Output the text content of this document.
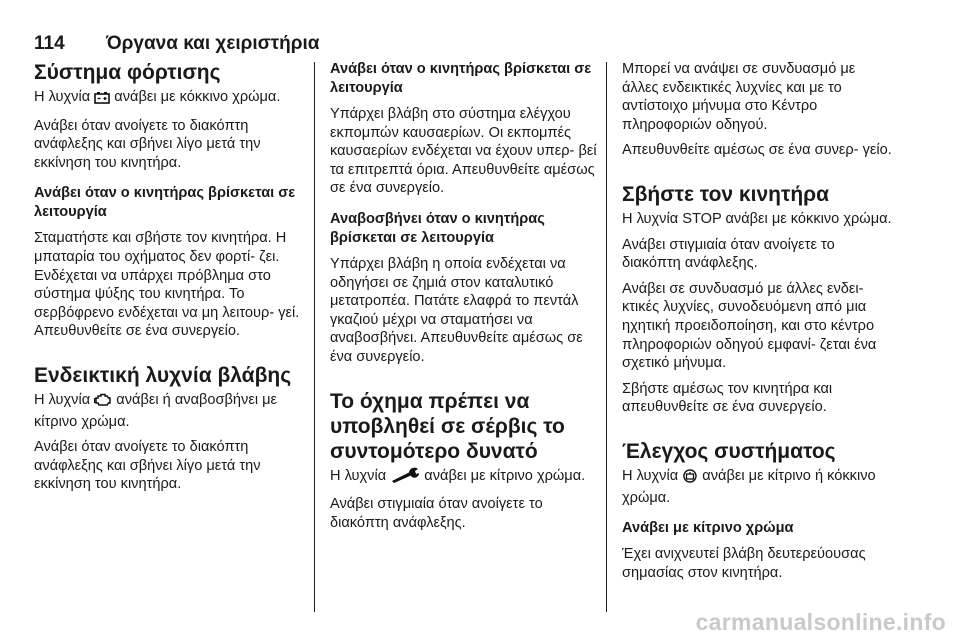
114 Όργανα και χειριστήρια
Σύστημα φόρτισης

Η λυχνία ανάβει με κόκκινο χρώμα.

Ανάβει όταν ανοίγετε το διακόπτη ανάφλεξης και σβήνει λίγο μετά την εκκίνηση του κινητήρα.

Ανάβει όταν ο κινητήρας βρίσκεται σε λειτουργία

Σταματήστε και σβήστε τον κινητήρα. Η μπαταρία του οχήματος δεν φορτί‐ ζει. Ενδέχεται να υπάρχει πρόβλημα στο σύστημα ψύξης του κινητήρα. Το σερβόφρενο ενδέχεται να μη λειτουρ‐ γεί. Απευθυνθείτε σε ένα συνεργείο.

Ενδεικτική λυχνία βλάβης

Η λυχνία ανάβει ή αναβοσβήνει με κίτρινο χρώμα.

Ανάβει όταν ανοίγετε το διακόπτη ανάφλεξης και σβήνει λίγο μετά την εκκίνηση του κινητήρα.

Ανάβει όταν ο κινητήρας βρίσκεται σε λειτουργία

Υπάρχει βλάβη στο σύστημα ελέγχου εκπομπών καυσαερίων. Οι εκπομπές καυσαερίων ενδέχεται να έχουν υπερ‐ βεί τα επιτρεπτά όρια. Απευθυνθείτε αμέσως σε ένα συνεργείο.

Αναβοσβήνει όταν ο κινητήρας βρίσκεται σε λειτουργία

Υπάρχει βλάβη η οποία ενδέχεται να οδηγήσει σε ζημιά στον καταλυτικό μετατροπέα. Πατάτε ελαφρά το πεντάλ γκαζιού μέχρι να σταματήσει να αναβοσβήνει. Απευθυνθείτε αμέσως σε ένα συνεργείο.

Το όχημα πρέπει να υποβληθεί σε σέρβις το συντομότερο δυνατό

Η λυχνία	ανάβει με κίτρινο χρώμα.

Ανάβει στιγμιαία όταν ανοίγετε το διακόπτη ανάφλεξης.

Μπορεί να ανάψει σε συνδυασμό με άλλες ενδεικτικές λυχνίες και με το αντίστοιχο μήνυμα στο Κέντρο πληροφοριών οδηγού.

Απευθυνθείτε αμέσως σε ένα συνερ‐ γείο.

Σβήστε τον κινητήρα

Η λυχνία STOP ανάβει με κόκκινο χρώμα.

Ανάβει στιγμιαία όταν ανοίγετε το διακόπτη ανάφλεξης.

Ανάβει σε συνδυασμό με άλλες ενδει‐ κτικές λυχνίες, συνοδευόμενη από μια ηχητική προειδοποίηση, και στο κέντρο πληροφοριών οδηγού εμφανί‐ ζεται ένα σχετικό μήνυμα.

Σβήστε αμέσως τον κινητήρα και απευθυνθείτε σε ένα συνεργείο.

Έλεγχος συστήματος

Η λυχνία ανάβει με κίτρινο ή κόκκινο χρώμα.

Ανάβει με κίτρινο χρώμα

Έχει ανιχνευτεί βλάβη δευτερεύουσας σημασίας στον κινητήρα.

carmanualsonline.info
